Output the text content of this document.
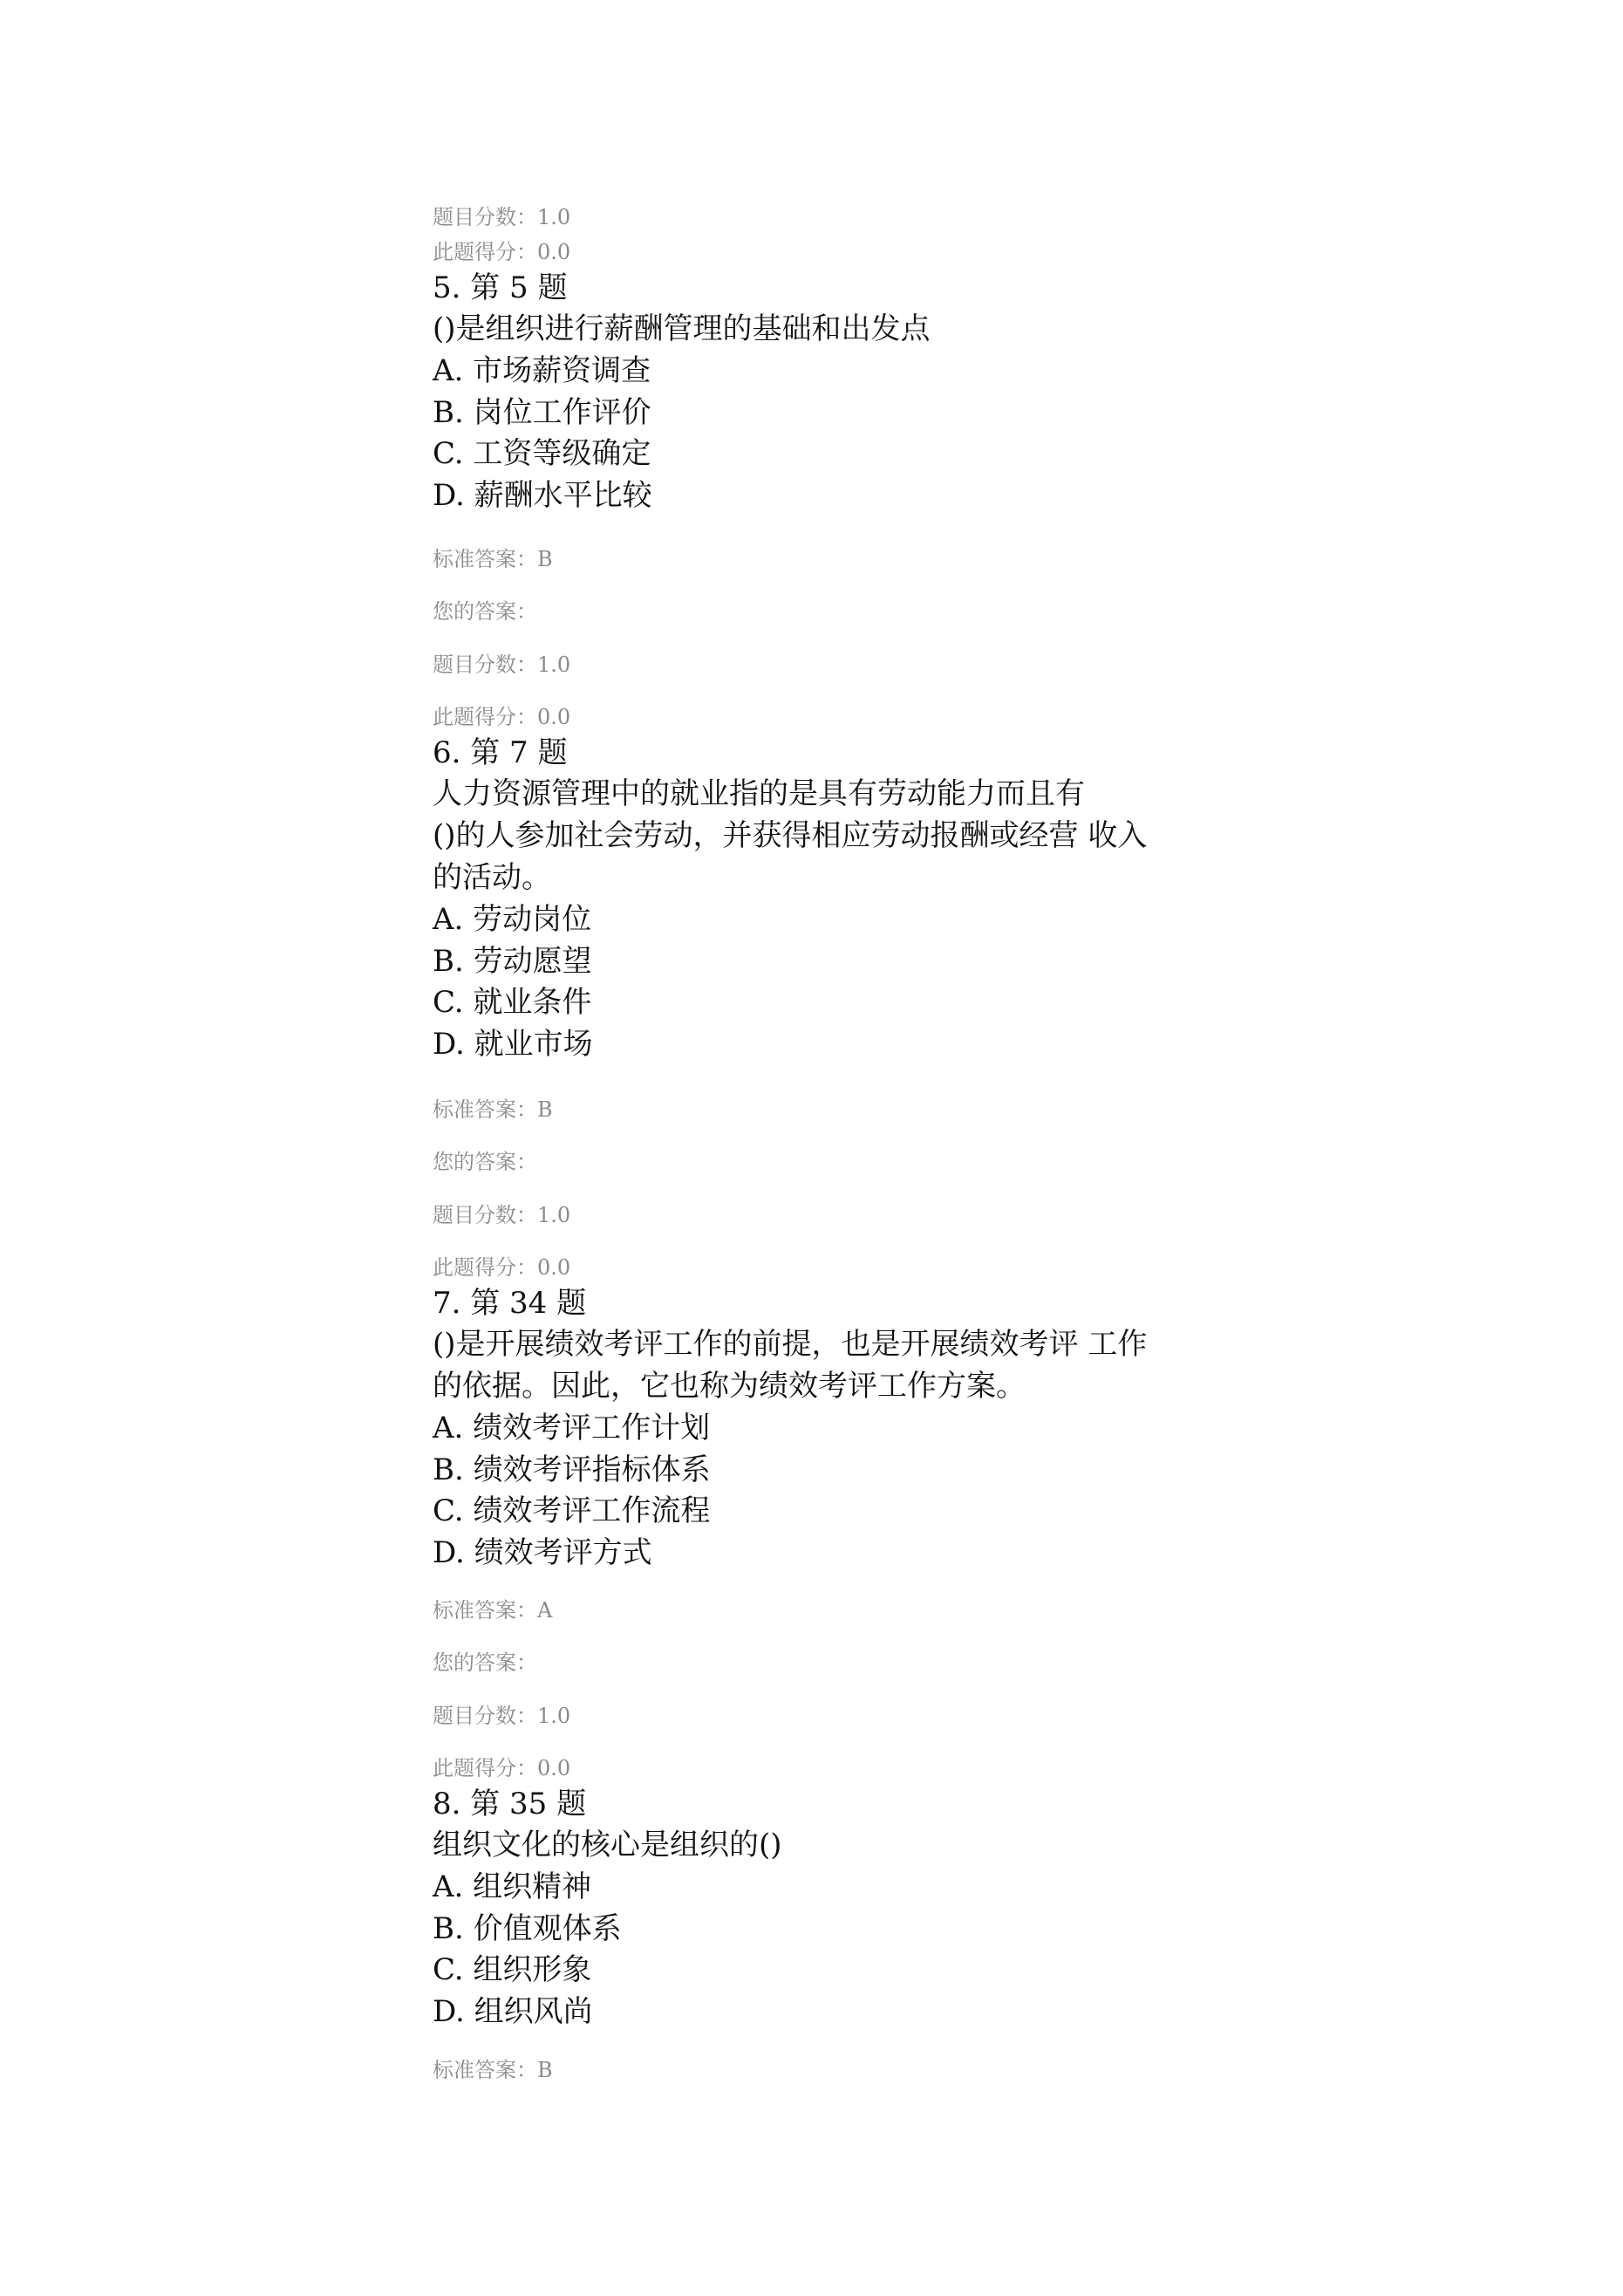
题目分数：1.0
此题得分：0.0
5. 第 5 题
()是组织进行薪酬管理的基础和出发点
A. 市场薪资调查
B. 岗位工作评价
C. 工资等级确定
D. 薪酬水平比较
标准答案：B
您的答案：
题目分数：1.0
此题得分：0.0
6. 第 7 题
人力资源管理中的就业指的是具有劳动能力而且有
()的人参加社会劳动，并获得相应劳动报酬或经营 收入
的活动。
A. 劳动岗位
B. 劳动愿望
C. 就业条件
D. 就业市场
标准答案：B
您的答案：
题目分数：1.0
此题得分：0.0
7. 第 34 题
()是开展绩效考评工作的前提，也是开展绩效考评 工作
的依据。因此，它也称为绩效考评工作方案。
A. 绩效考评工作计划
B. 绩效考评指标体系
C. 绩效考评工作流程
D. 绩效考评方式
标准答案：A
您的答案：
题目分数：1.0
此题得分：0.0
8. 第 35 题
组织文化的核心是组织的()
A. 组织精神
B. 价值观体系
C. 组织形象
D. 组织风尚
标准答案：B
